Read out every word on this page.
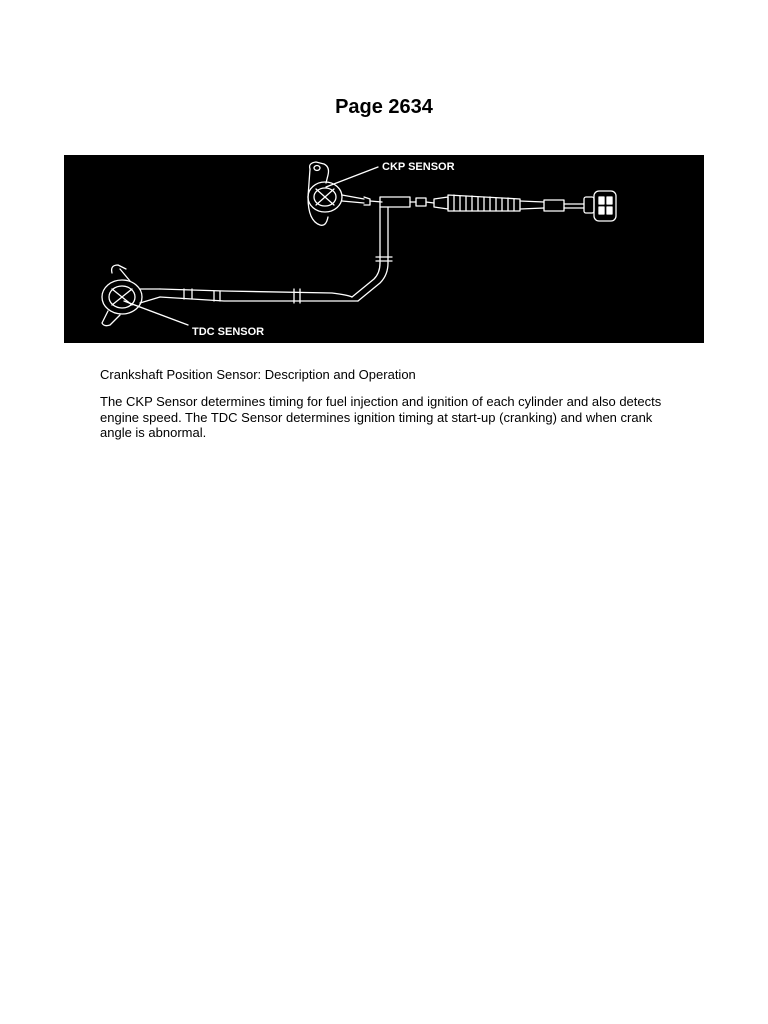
Page 2634
CKP SENSOR
TDC SENSOR
Crankshaft Position Sensor: Description and Operation

The CKP Sensor determines timing for fuel injection and ignition of each cylinder and also detects engine speed. The TDC Sensor determines ignition timing at start-up (cranking) and when crank angle is abnormal.
